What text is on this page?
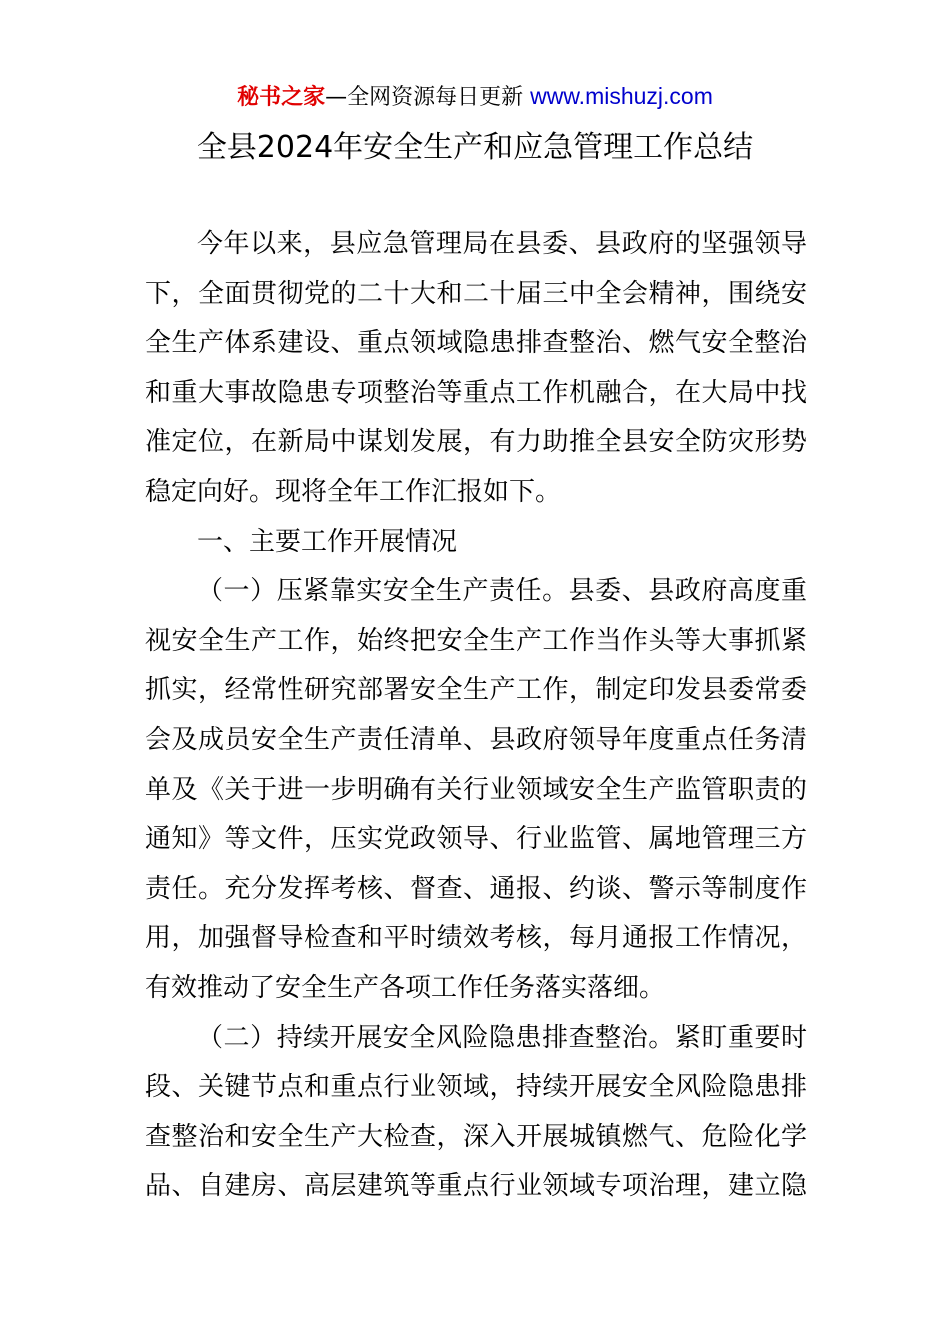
秘书之家—全网资源每日更新 www.mishuzj.com
全县2024年安全生产和应急管理工作总结
今年以来，县应急管理局在县委、县政府的坚强领导
下，全面贯彻党的二十大和二十届三中全会精神，围绕安
全生产体系建设、重点领域隐患排查整治、燃气安全整治
和重大事故隐患专项整治等重点工作机融合，在大局中找
准定位，在新局中谋划发展，有力助推全县安全防灾形势
稳定向好。现将全年工作汇报如下。
一、主要工作开展情况
（一）压紧靠实安全生产责任。县委、县政府高度重
视安全生产工作，始终把安全生产工作当作头等大事抓紧
抓实，经常性研究部署安全生产工作，制定印发县委常委
会及成员安全生产责任清单、县政府领导年度重点任务清
单及《关于进一步明确有关行业领域安全生产监管职责的
通知》等文件，压实党政领导、行业监管、属地管理三方
责任。充分发挥考核、督查、通报、约谈、警示等制度作
用，加强督导检查和平时绩效考核，每月通报工作情况，
有效推动了安全生产各项工作任务落实落细。
（二）持续开展安全风险隐患排查整治。紧盯重要时
段、关键节点和重点行业领域，持续开展安全风险隐患排
查整治和安全生产大检查，深入开展城镇燃气、危险化学
品、自建房、高层建筑等重点行业领域专项治理，建立隐
